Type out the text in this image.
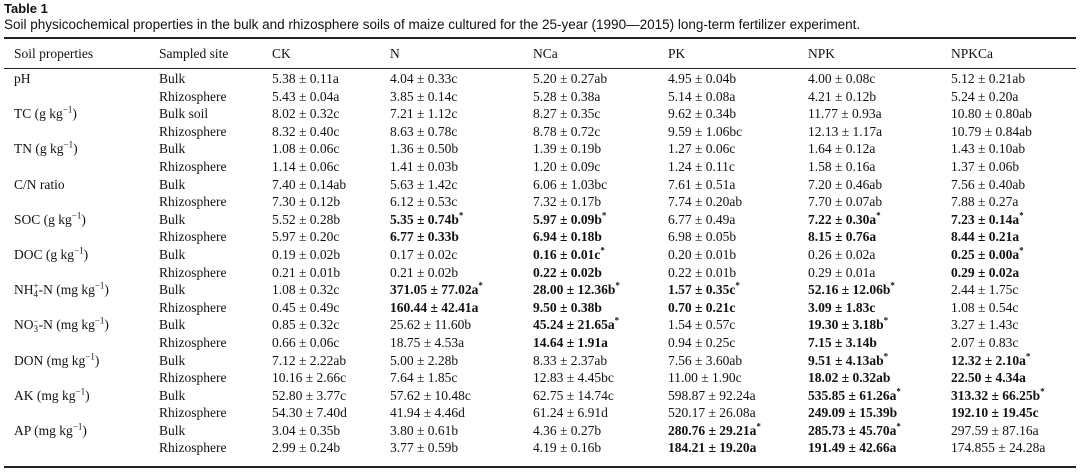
Table 1
Soil physicochemical properties in the bulk and rhizosphere soils of maize cultured for the 25-year (1990—2015) long-term fertilizer experiment.
Soil properties	Sampled site	CK	N	NCa	PK	NPK	NPKCa
pH	Bulk	5.38 ± 0.11a	4.04 ± 0.33c	5.20 ± 0.27ab	4.95 ± 0.04b	4.00 ± 0.08c	5.12 ± 0.21ab
	Rhizosphere	5.43 ± 0.04a	3.85 ± 0.14c	5.28 ± 0.38a	5.14 ± 0.08a	4.21 ± 0.12b	5.24 ± 0.20a
TC (g $kg^{-1}$)	Bulk soil	8.02 ± 0.32c	7.21 ± 1.12c	8.27 ± 0.35c	9.62 ± 0.34b	11.77 ± 0.93a	10.80 ± 0.80ab
	Rhizosphere	8.32 ± 0.40c	8.63 ± 0.78c	8.78 ± 0.72c	9.59 ± 1.06bc	12.13 ± 1.17a	10.79 ± 0.84ab
TN (g $kg^{-1}$)	Bulk	1.08 ± 0.06c	1.36 ± 0.50b	1.39 ± 0.19b	1.27 ± 0.06c	1.64 ± 0.12a	1.43 ± 0.10ab
	Rhizosphere	1.14 ± 0.06c	1.41 ± 0.03b	1.20 ± 0.09c	1.24 ± 0.11c	1.58 ± 0.16a	1.37 ± 0.06b
C/N ratio	Bulk	7.40 ± 0.14ab	5.63 ± 1.42c	6.06 ± 1.03bc	7.61 ± 0.51a	7.20 ± 0.46ab	7.56 ± 0.40ab
	Rhizosphere	7.30 ± 0.12b	6.12 ± 0.53c	7.32 ± 0.17b	7.74 ± 0.20ab	7.70 ± 0.07ab	7.88 ± 0.27a
SOC (g $kg^{-1}$)	Bulk	5.52 ± 0.28b	5.35 ± 0.74b*	5.97 ± 0.09b*	6.77 ± 0.49a	7.22 ± 0.30a*	7.23 ± 0.14a*
	Rhizosphere	5.97 ± 0.20c	6.77 ± 0.33b	6.94 ± 0.18b	6.98 ± 0.05b	8.15 ± 0.76a	8.44 ± 0.21a
DOC (g $kg^{-1}$)	Bulk	0.19 ± 0.02b	0.17 ± 0.02c	0.16 ± 0.01c*	0.20 ± 0.01b	0.26 ± 0.02a	0.25 ± 0.00a*
	Rhizosphere	0.21 ± 0.01b	0.21 ± 0.02b	0.22 ± 0.02b	0.22 ± 0.01b	0.29 ± 0.01a	0.29 ± 0.02a
NH +
4 -N (mg $kg^{-1}$)	Bulk	1.08 ± 0.32c	371.05 ± 77.02a*	28.00 ± 12.36b*	1.57 ± 0.35c*	52.16 ± 12.06b*	2.44 ± 1.75c
	Rhizosphere	0.45 ± 0.49c	160.44 ± 42.41a	9.50 ± 0.38b	0.70 ± 0.21c	3.09 ± 1.83c	1.08 ± 0.54c
NO −
3 -N (mg $kg^{-1}$)	Bulk	0.85 ± 0.32c	25.62 ± 11.60b	45.24 ± 21.65a*	1.54 ± 0.57c	19.30 ± 3.18b*	3.27 ± 1.43c
	Rhizosphere	0.66 ± 0.06c	18.75 ± 4.53a	14.64 ± 1.91a	0.94 ± 0.25c	7.15 ± 3.14b	2.07 ± 0.83c
DON (mg $kg^{-1}$)	Bulk	7.12 ± 2.22ab	5.00 ± 2.28b	8.33 ± 2.37ab	7.56 ± 3.60ab	9.51 ± 4.13ab*	12.32 ± 2.10a*
	Rhizosphere	10.16 ± 2.66c	7.64 ± 1.85c	12.83 ± 4.45bc	11.00 ± 1.90c	18.02 ± 0.32ab	22.50 ± 4.34a
AK (mg $kg^{-1}$)	Bulk	52.80 ± 3.77c	57.62 ± 10.48c	62.75 ± 14.74c	598.87 ± 92.24a	535.85 ± 61.26a*	313.32 ± 66.25b*
	Rhizosphere	54.30 ± 7.40d	41.94 ± 4.46d	61.24 ± 6.91d	520.17 ± 26.08a	249.09 ± 15.39b	192.10 ± 19.45c
AP (mg $kg^{-1}$)	Bulk	3.04 ± 0.35b	3.80 ± 0.61b	4.36 ± 0.27b	280.76 ± 29.21a*	285.73 ± 45.70a*	297.59 ± 87.16a
	Rhizosphere	2.99 ± 0.24b	3.77 ± 0.59b	4.19 ± 0.16b	184.21 ± 19.20a	191.49 ± 42.66a	174.855 ± 24.28a
